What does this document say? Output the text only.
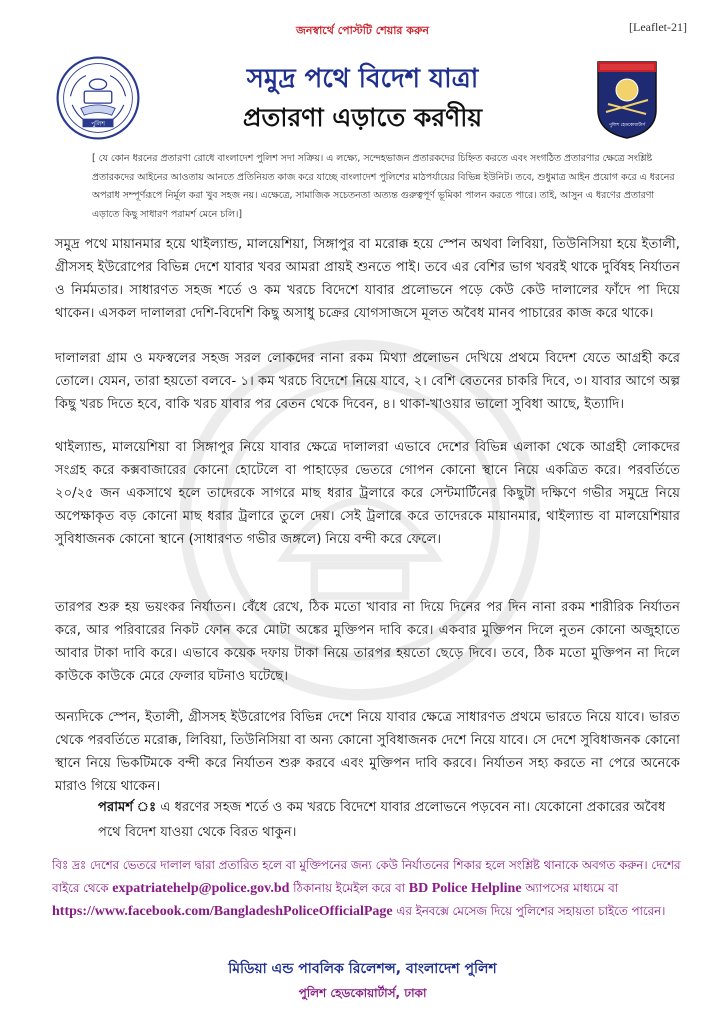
জনস্বার্থে পোস্টটি শেয়ার করুন	[Leaflet-21]
পুলিশ	পুলিশ হেডকোয়ার্টার্স
সমুদ্র পথে বিদেশ যাত্রা
প্রতারণা এড়াতে করণীয়
[ যে কোন ধরনের প্রতারণা রোধে বাংলাদেশ পুলিশ সদা সক্রিয়। এ লক্ষ্যে, সন্দেহভাজন প্রতারকদের চিহ্নিত করতে এবং সংগঠিত প্রতারণার ক্ষেত্রে সংশ্লিষ্ট প্রতারকদের আইনের আওতায় আনতে প্রতিনিয়ত কাজ করে যাচ্ছে বাংলাদেশ পুলিশের মাঠপর্যায়ের বিভিন্ন ইউনিট। তবে, শুধুমাত্র আইন প্রয়োগ করে এ ধরনের অপরাধ সম্পূর্ণরূপে নির্মূল করা খুব সহজ নয়। এক্ষেত্রে, সামাজিক সচেতনতা অত্যন্ত গুরুত্বপূর্ণ ভূমিকা পালন করতে পারে। তাই, আসুন এ ধরণের প্রতারণা এড়াতে কিছু সাধারণ পরামর্শ মেনে চলি।]

সমুদ্র পথে মায়ানমার হয়ে থাইল্যান্ড, মালয়েশিয়া, সিঙ্গাপুর বা মরোক্ক হয়ে স্পেন অথবা লিবিয়া, তিউনিসিয়া হয়ে ইতালী, গ্রীসসহ ইউরোপের বিভিন্ন দেশে যাবার খবর আমরা প্রায়ই শুনতে পাই। তবে এর বেশির ভাগ খবরই থাকে দুর্বিষহ নির্যাতন ও নির্মমতার। সাধারণত সহজ শর্তে ও কম খরচে বিদেশে যাবার প্রলোভনে পড়ে কেউ কেউ দালালের ফাঁদে পা দিয়ে থাকেন। এসকল দালালরা দেশি-বিদেশি কিছু অসাধু চক্রের যোগসাজসে মূলত অবৈধ মানব পাচারের কাজ করে থাকে।

দালালরা গ্রাম ও মফস্বলের সহজ সরল লোকদের নানা রকম মিথ্যা প্রলোভন দেখিয়ে প্রথমে বিদেশ যেতে আগ্রহী করে তোলে। যেমন, তারা হয়তো বলবে- ১। কম খরচে বিদেশে নিয়ে যাবে, ২। বেশি বেতনের চাকরি দিবে, ৩। যাবার আগে অল্প কিছু খরচ দিতে হবে, বাকি খরচ যাবার পর বেতন থেকে দিবেন, ৪। থাকা-খাওয়ার ভালো সুবিধা আছে, ইত্যাদি।

থাইল্যান্ড, মালয়েশিয়া বা সিঙ্গাপুর নিয়ে যাবার ক্ষেত্রে দালালরা এভাবে দেশের বিভিন্ন এলাকা থেকে আগ্রহী লোকদের সংগ্রহ করে কক্সবাজারের কোনো হোটেলে বা পাহাড়ের ভেতরে গোপন কোনো স্থানে নিয়ে একত্রিত করে। পরবর্তিতে ২০/২৫ জন একসাথে হলে তাদেরকে সাগরে মাছ ধরার ট্রলারে করে সেন্টমার্টিনের কিছুটা দক্ষিণে গভীর সমুদ্রে নিয়ে অপেক্ষাকৃত বড় কোনো মাছ ধরার ট্রলারে তুলে দেয়। সেই ট্রলারে করে তাদেরকে মায়ানমার, থাইল্যান্ড বা মালয়েশিয়ার সুবিধাজনক কোনো স্থানে (সাধারণত গভীর জঙ্গলে) নিয়ে বন্দী করে ফেলে।

তারপর শুরু হয় ভয়ংকর নির্যাতন। বেঁধে রেখে, ঠিক মতো খাবার না দিয়ে দিনের পর দিন নানা রকম শারীরিক নির্যাতন করে, আর পরিবারের নিকট ফোন করে মোটা অঙ্কের মুক্তিপন দাবি করে। একবার মুক্তিপন দিলে নুতন কোনো অজুহাতে আবার টাকা দাবি করে। এভাবে কয়েক দফায় টাকা নিয়ে তারপর হয়তো ছেড়ে দিবে। তবে, ঠিক মতো মুক্তিপন না দিলে কাউকে কাউকে মেরে ফেলার ঘটনাও ঘটেছে।

অন্যদিকে স্পেন, ইতালী, গ্রীসসহ ইউরোপের বিভিন্ন দেশে নিয়ে যাবার ক্ষেত্রে সাধারণত প্রথমে ভারতে নিয়ে যাবে। ভারত থেকে পরবর্তিতে মরোক্ক, লিবিয়া, তিউনিসিয়া বা অন্য কোনো সুবিধাজনক দেশে নিয়ে যাবে। সে দেশে সুবিধাজনক কোনো স্থানে নিয়ে ভিকটিমকে বন্দী করে নির্যাতন শুরু করবে এবং মুক্তিপন দাবি করবে। নির্যাতন সহ্য করতে না পেরে অনেকে মারাও গিয়ে থাকেন।

পরামর্শ ঃ এ ধরণের সহজ শর্তে ও কম খরচে বিদেশে যাবার প্রলোভনে পড়বেন না। যেকোনো প্রকারের অবৈধ পথে বিদেশ যাওয়া থেকে বিরত থাকুন।
বিঃ দ্রঃ দেশের ভেতরে দালাল দ্বারা প্রতারিত হলে বা মুক্তিপনের জন্য কেউ নির্যাতনের শিকার হলে সংশ্লিষ্ট থানাকে অবগত করুন। দেশের বাইরে থেকে expatriatehelp@police.gov.bd ঠিকানায় ইমেইল করে বা BD Police Helpline অ্যাপসের মাধ্যমে বা https://www.facebook.com/BangladeshPoliceOfficialPage এর ইনবক্সে মেসেজ দিয়ে পুলিশের সহায়তা চাইতে পারেন।
মিডিয়া এন্ড পাবলিক রিলেশন্স, বাংলাদেশ পুলিশ
পুলিশ হেডকোয়ার্টার্স, ঢাকা
